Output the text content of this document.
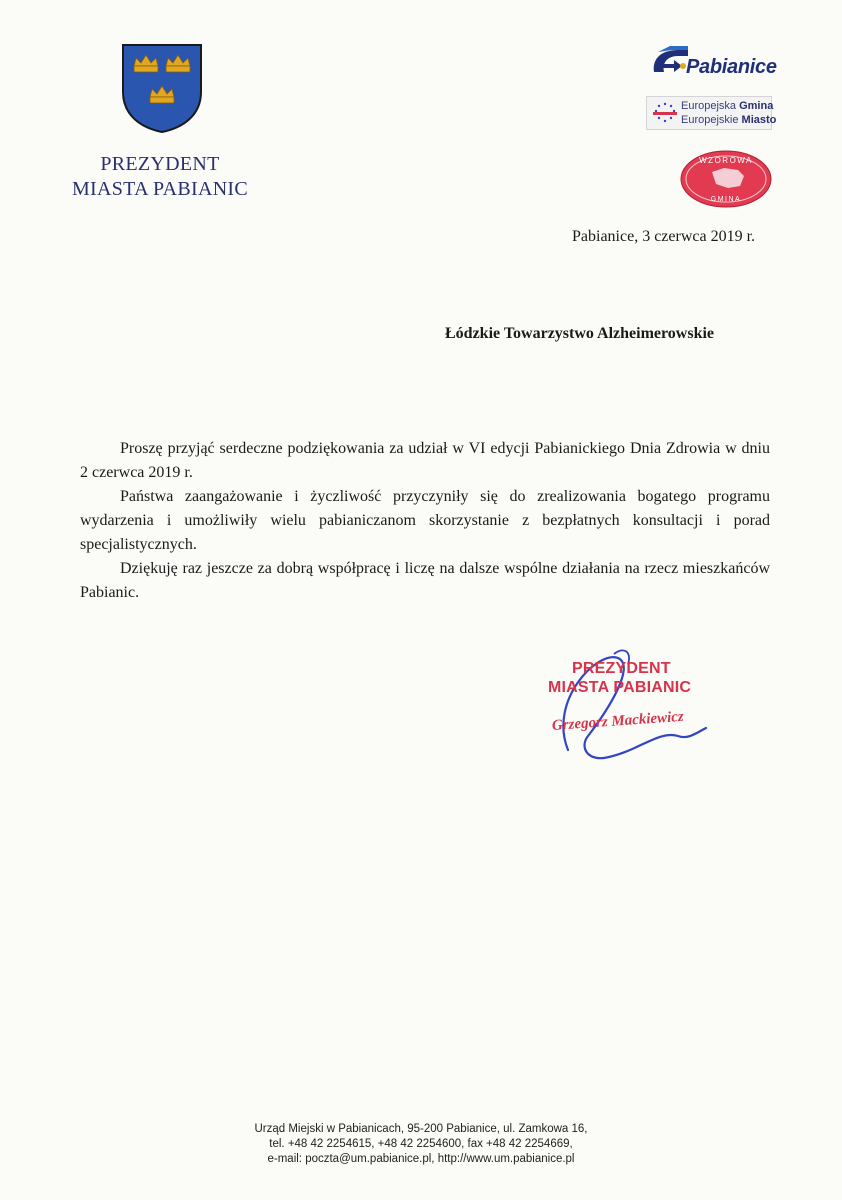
PREZYDENT
MIASTA PABIANIC
Pabianice
Europejska Gmina
Europejskie Miasto
WZOROWA
GMINA
Pabianice, 3 czerwca 2019 r.
Łódzkie Towarzystwo Alzheimerowskie

Proszę przyjąć serdeczne podziękowania za udział w VI edycji Pabianickiego Dnia Zdrowia w dniu 2 czerwca 2019 r.

Państwa zaangażowanie i życzliwość przyczyniły się do zrealizowania bogatego programu wydarzenia i umożliwiły wielu pabianiczanom skorzystanie z bezpłatnych konsultacji i porad specjalistycznych.

Dziękuję raz jeszcze za dobrą współpracę i liczę na dalsze wspólne działania na rzecz mieszkańców Pabianic.

PREZYDENT
MIASTA PABIANIC
Grzegorz Mackiewicz
Urząd Miejski w Pabianicach, 95-200 Pabianice, ul. Zamkowa 16,
tel. +48 42 2254615, +48 42 2254600, fax +48 42 2254669,
e-mail: poczta@um.pabianice.pl, http://www.um.pabianice.pl
